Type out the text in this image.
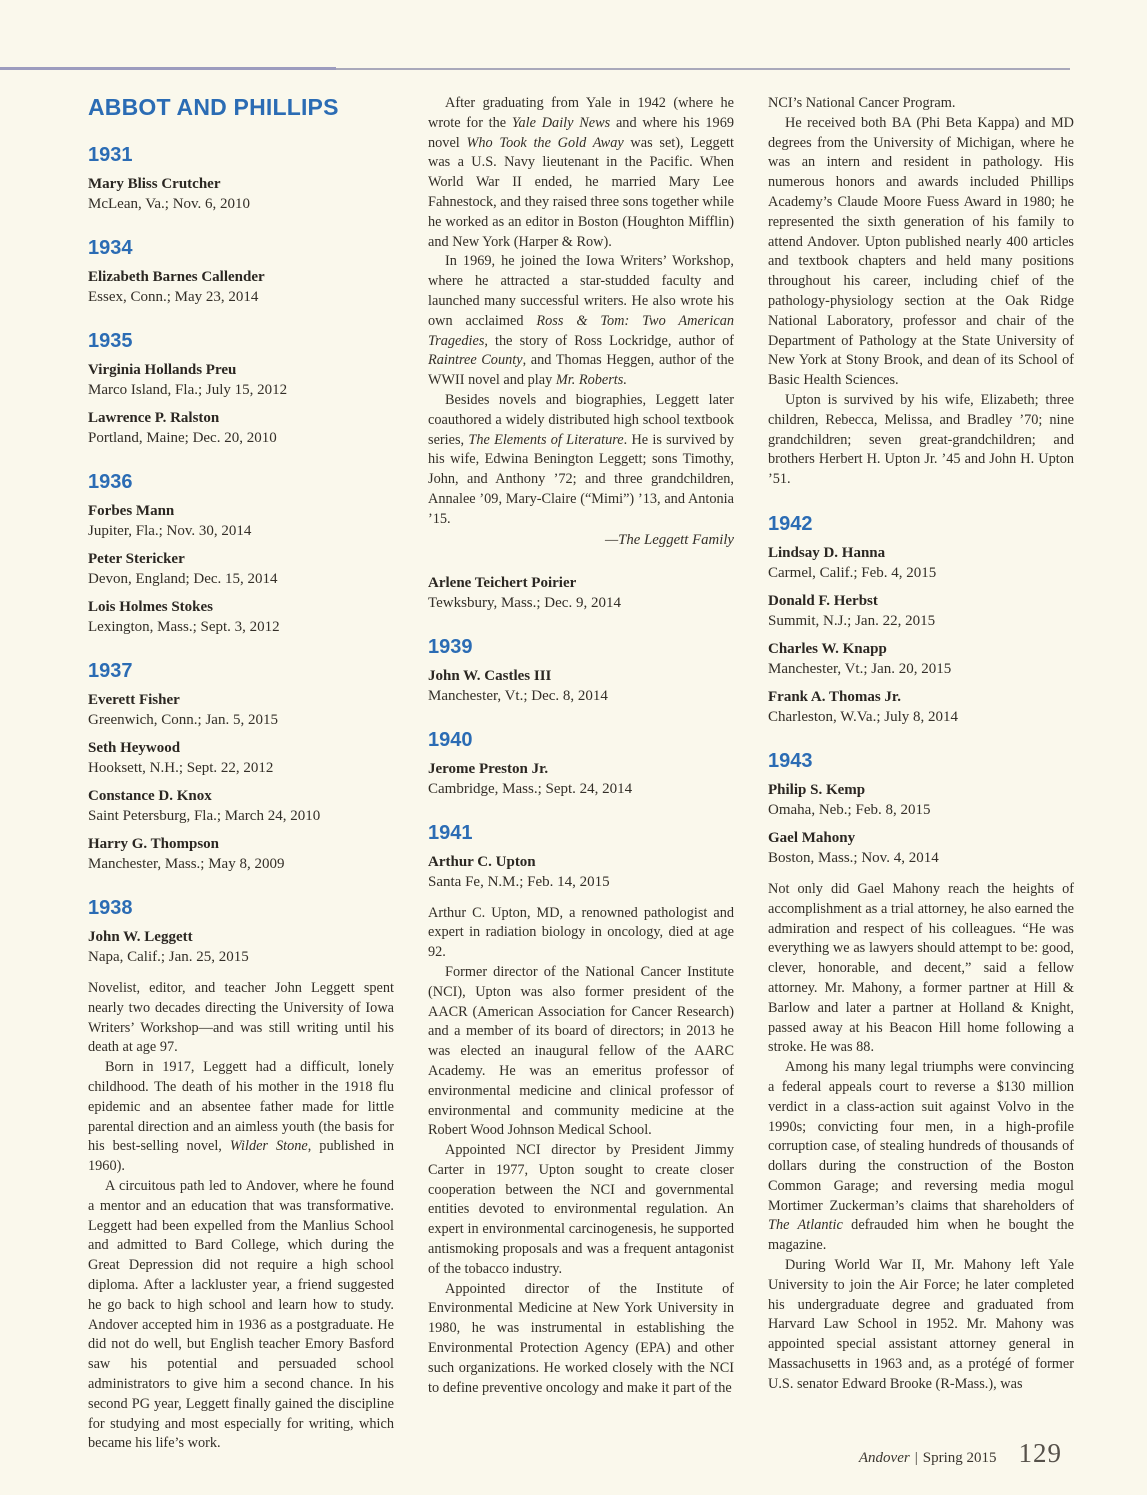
ABBOT AND PHILLIPS
1931
Mary Bliss Crutcher
McLean, Va.; Nov. 6, 2010
1934
Elizabeth Barnes Callender
Essex, Conn.; May 23, 2014
1935
Virginia Hollands Preu
Marco Island, Fla.; July 15, 2012
Lawrence P. Ralston
Portland, Maine; Dec. 20, 2010
1936
Forbes Mann
Jupiter, Fla.; Nov. 30, 2014
Peter Stericker
Devon, England; Dec. 15, 2014
Lois Holmes Stokes
Lexington, Mass.; Sept. 3, 2012
1937
Everett Fisher
Greenwich, Conn.; Jan. 5, 2015
Seth Heywood
Hooksett, N.H.; Sept. 22, 2012
Constance D. Knox
Saint Petersburg, Fla.; March 24, 2010
Harry G. Thompson
Manchester, Mass.; May 8, 2009
1938
John W. Leggett
Napa, Calif.; Jan. 25, 2015

Novelist, editor, and teacher John Leggett spent nearly two decades directing the University of Iowa Writers’ Workshop—and was still writing until his death at age 97.

Born in 1917, Leggett had a difficult, lonely childhood. The death of his mother in the 1918 flu epidemic and an absentee father made for little parental direction and an aimless youth (the basis for his best-selling novel, Wilder Stone, published in 1960).

A circuitous path led to Andover, where he found a mentor and an education that was transformative. Leggett had been expelled from the Manlius School and admitted to Bard College, which during the Great Depression did not require a high school diploma. After a lackluster year, a friend suggested he go back to high school and learn how to study. Andover accepted him in 1936 as a postgraduate. He did not do well, but English teacher Emory Basford saw his potential and persuaded school administrators to give him a second chance. In his second PG year, Leggett finally gained the discipline for studying and most especially for writing, which became his life’s work.

After graduating from Yale in 1942 (where he wrote for the Yale Daily News and where his 1969 novel Who Took the Gold Away was set), Leggett was a U.S. Navy lieutenant in the Pacific. When World War II ended, he married Mary Lee Fahnestock, and they raised three sons together while he worked as an editor in Boston (Houghton Mifflin) and New York (Harper & Row).

In 1969, he joined the Iowa Writers’ Workshop, where he attracted a star-studded faculty and launched many successful writers. He also wrote his own acclaimed Ross & Tom: Two American Tragedies, the story of Ross Lockridge, author of Raintree County, and Thomas Heggen, author of the WWII novel and play Mr. Roberts.

Besides novels and biographies, Leggett later coauthored a widely distributed high school textbook series, The Elements of Literature. He is survived by his wife, Edwina Benington Leggett; sons Timothy, John, and Anthony ’72; and three grandchildren, Annalee ’09, Mary-Claire (“Mimi”) ’13, and Antonia ’15.

—The Leggett Family
Arlene Teichert Poirier
Tewksbury, Mass.; Dec. 9, 2014
1939
John W. Castles III
Manchester, Vt.; Dec. 8, 2014
1940
Jerome Preston Jr.
Cambridge, Mass.; Sept. 24, 2014
1941
Arthur C. Upton
Santa Fe, N.M.; Feb. 14, 2015

Arthur C. Upton, MD, a renowned pathologist and expert in radiation biology in oncology, died at age 92.

Former director of the National Cancer Institute (NCI), Upton was also former president of the AACR (American Association for Cancer Research) and a member of its board of directors; in 2013 he was elected an inaugural fellow of the AARC Academy. He was an emeritus professor of environmental medicine and clinical professor of environmental and community medicine at the Robert Wood Johnson Medical School.

Appointed NCI director by President Jimmy Carter in 1977, Upton sought to create closer cooperation between the NCI and governmental entities devoted to environmental regulation. An expert in environmental carcinogenesis, he supported antismoking proposals and was a frequent antagonist of the tobacco industry.

Appointed director of the Institute of Environmental Medicine at New York University in 1980, he was instrumental in establishing the Environmental Protection Agency (EPA) and other such organizations. He worked closely with the NCI to define preventive oncology and make it part of the

NCI’s National Cancer Program.

He received both BA (Phi Beta Kappa) and MD degrees from the University of Michigan, where he was an intern and resident in pathology. His numerous honors and awards included Phillips Academy’s Claude Moore Fuess Award in 1980; he represented the sixth generation of his family to attend Andover. Upton published nearly 400 articles and textbook chapters and held many positions throughout his career, including chief of the pathology-physiology section at the Oak Ridge National Laboratory, professor and chair of the Department of Pathology at the State University of New York at Stony Brook, and dean of its School of Basic Health Sciences.

Upton is survived by his wife, Elizabeth; three children, Rebecca, Melissa, and Bradley ’70; nine grandchildren; seven great-grandchildren; and brothers Herbert H. Upton Jr. ’45 and John H. Upton ’51.

1942
Lindsay D. Hanna
Carmel, Calif.; Feb. 4, 2015
Donald F. Herbst
Summit, N.J.; Jan. 22, 2015
Charles W. Knapp
Manchester, Vt.; Jan. 20, 2015
Frank A. Thomas Jr.
Charleston, W.Va.; July 8, 2014
1943
Philip S. Kemp
Omaha, Neb.; Feb. 8, 2015
Gael Mahony
Boston, Mass.; Nov. 4, 2014

Not only did Gael Mahony reach the heights of accomplishment as a trial attorney, he also earned the admiration and respect of his colleagues. “He was everything we as lawyers should attempt to be: good, clever, honorable, and decent,” said a fellow attorney. Mr. Mahony, a former partner at Hill & Barlow and later a partner at Holland & Knight, passed away at his Beacon Hill home following a stroke. He was 88.

Among his many legal triumphs were convincing a federal appeals court to reverse a $130 million verdict in a class-action suit against Volvo in the 1990s; convicting four men, in a high-profile corruption case, of stealing hundreds of thousands of dollars during the construction of the Boston Common Garage; and reversing media mogul Mortimer Zuckerman’s claims that shareholders of The Atlantic defrauded him when he bought the magazine.

During World War II, Mr. Mahony left Yale University to join the Air Force; he later completed his undergraduate degree and graduated from Harvard Law School in 1952. Mr. Mahony was appointed special assistant attorney general in Massachusetts in 1963 and, as a protégé of former U.S. senator Edward Brooke (R-Mass.), was

Andover | Spring 2015 129
